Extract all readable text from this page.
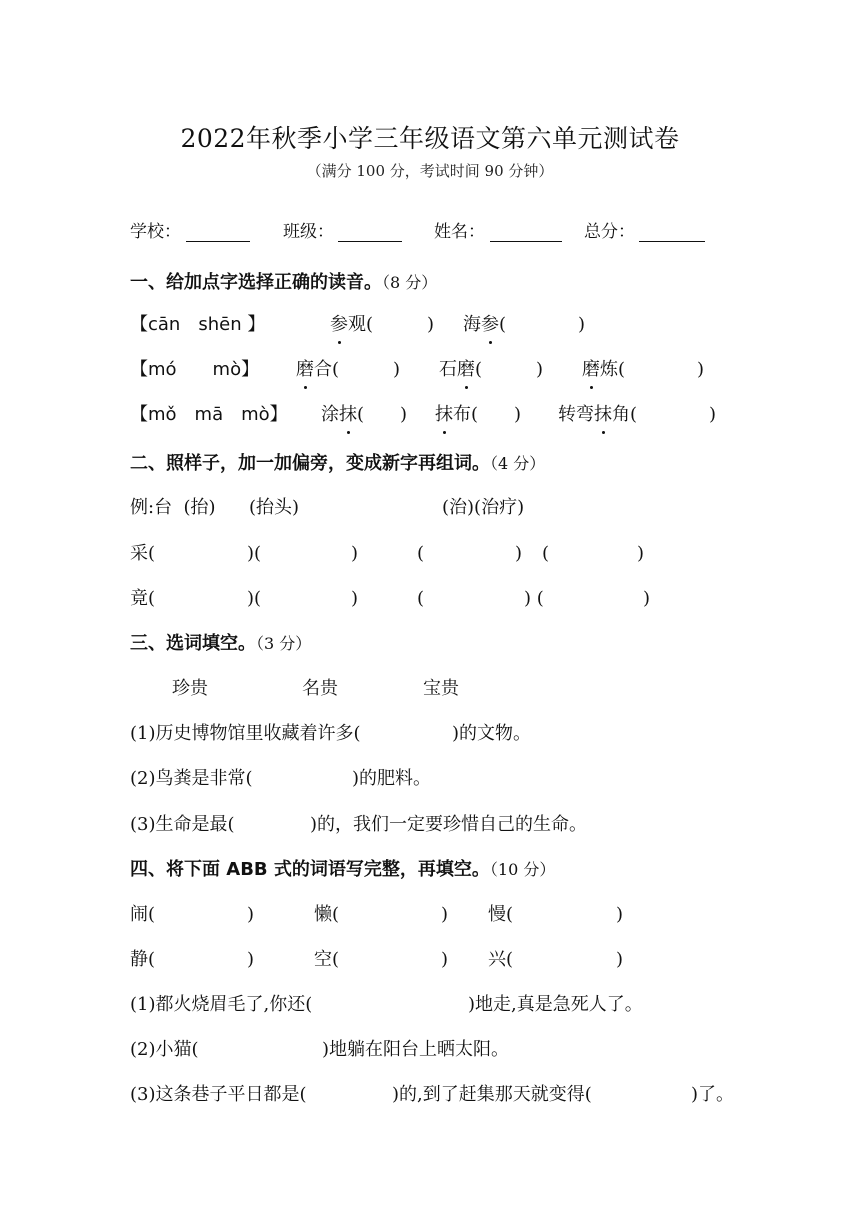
2022年秋季小学三年级语文第六单元测试卷
（满分 100 分，考试时间 90 分钟）
学校：	班级：	姓名：	总分：
一、给加点字选择正确的读音。（8 分）
【cān　shēn 】	参观(　　　) 海参(　　　　)
【mó　　mò】 磨合(　　　) 石磨(　　　) 磨炼(　　　　)
【mǒ　mā　mò】 涂抹(　　) 抹布(　　) 转弯抹角(　　　　)
二、照样子，加一加偏旁，变成新字再组词。（4 分）
例:台  (抬) (抬头)	(治)(治疗)
采(	)(	)	(	) (	)
竟(	)(	)	(	) (	)
三、选词填空。（3 分）
珍贵	名贵	宝贵
(1)历史博物馆里收藏着许多(	)的文物。
(2)鸟粪是非常(	)的肥料。
(3)生命是最(	)的，我们一定要珍惜自己的生命。
四、将下面 ABB 式的词语写完整，再填空。（10 分）
闹(	)	懒(	) 慢(	)
静(	)	空(	) 兴(	)
(1)都火烧眉毛了,你还(	)地走,真是急死人了。
(2)小猫(	)地躺在阳台上晒太阳。
(3)这条巷子平日都是(	)的,到了赶集那天就变得(	)了。
